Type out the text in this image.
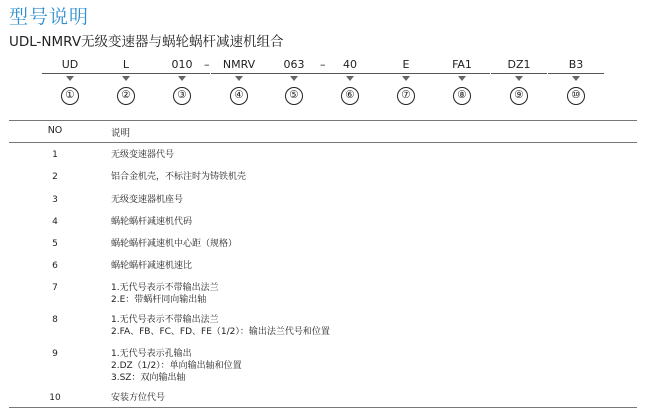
型号说明
UDL-NMRV无级变速器与蜗轮蜗杆减速机组合
UD
①
L
②
010
③
–	NMRV
④
063
⑤
–	40
⑥
E
⑦
FA1
⑧
DZ1
⑨
B3
⑩
NO	说明
1	无级变速器代号
2	铝合金机壳，不标注时为铸铁机壳
3	无级变速器机座号
4	蜗轮蜗杆减速机代码
5	蜗轮蜗杆减速机中心距（规格）
6	蜗轮蜗杆减速机速比
7	1.无代号表示不带输出法兰
2.E：带蜗杆同向输出轴
8	1.无代号表示不带输出法兰
2.FA、FB、FC、FD、FE（1/2）：输出法兰代号和位置
9	1.无代号表示孔输出
2.DZ（1/2）：单向输出轴和位置
3.SZ：双向输出轴
10	安装方位代号
